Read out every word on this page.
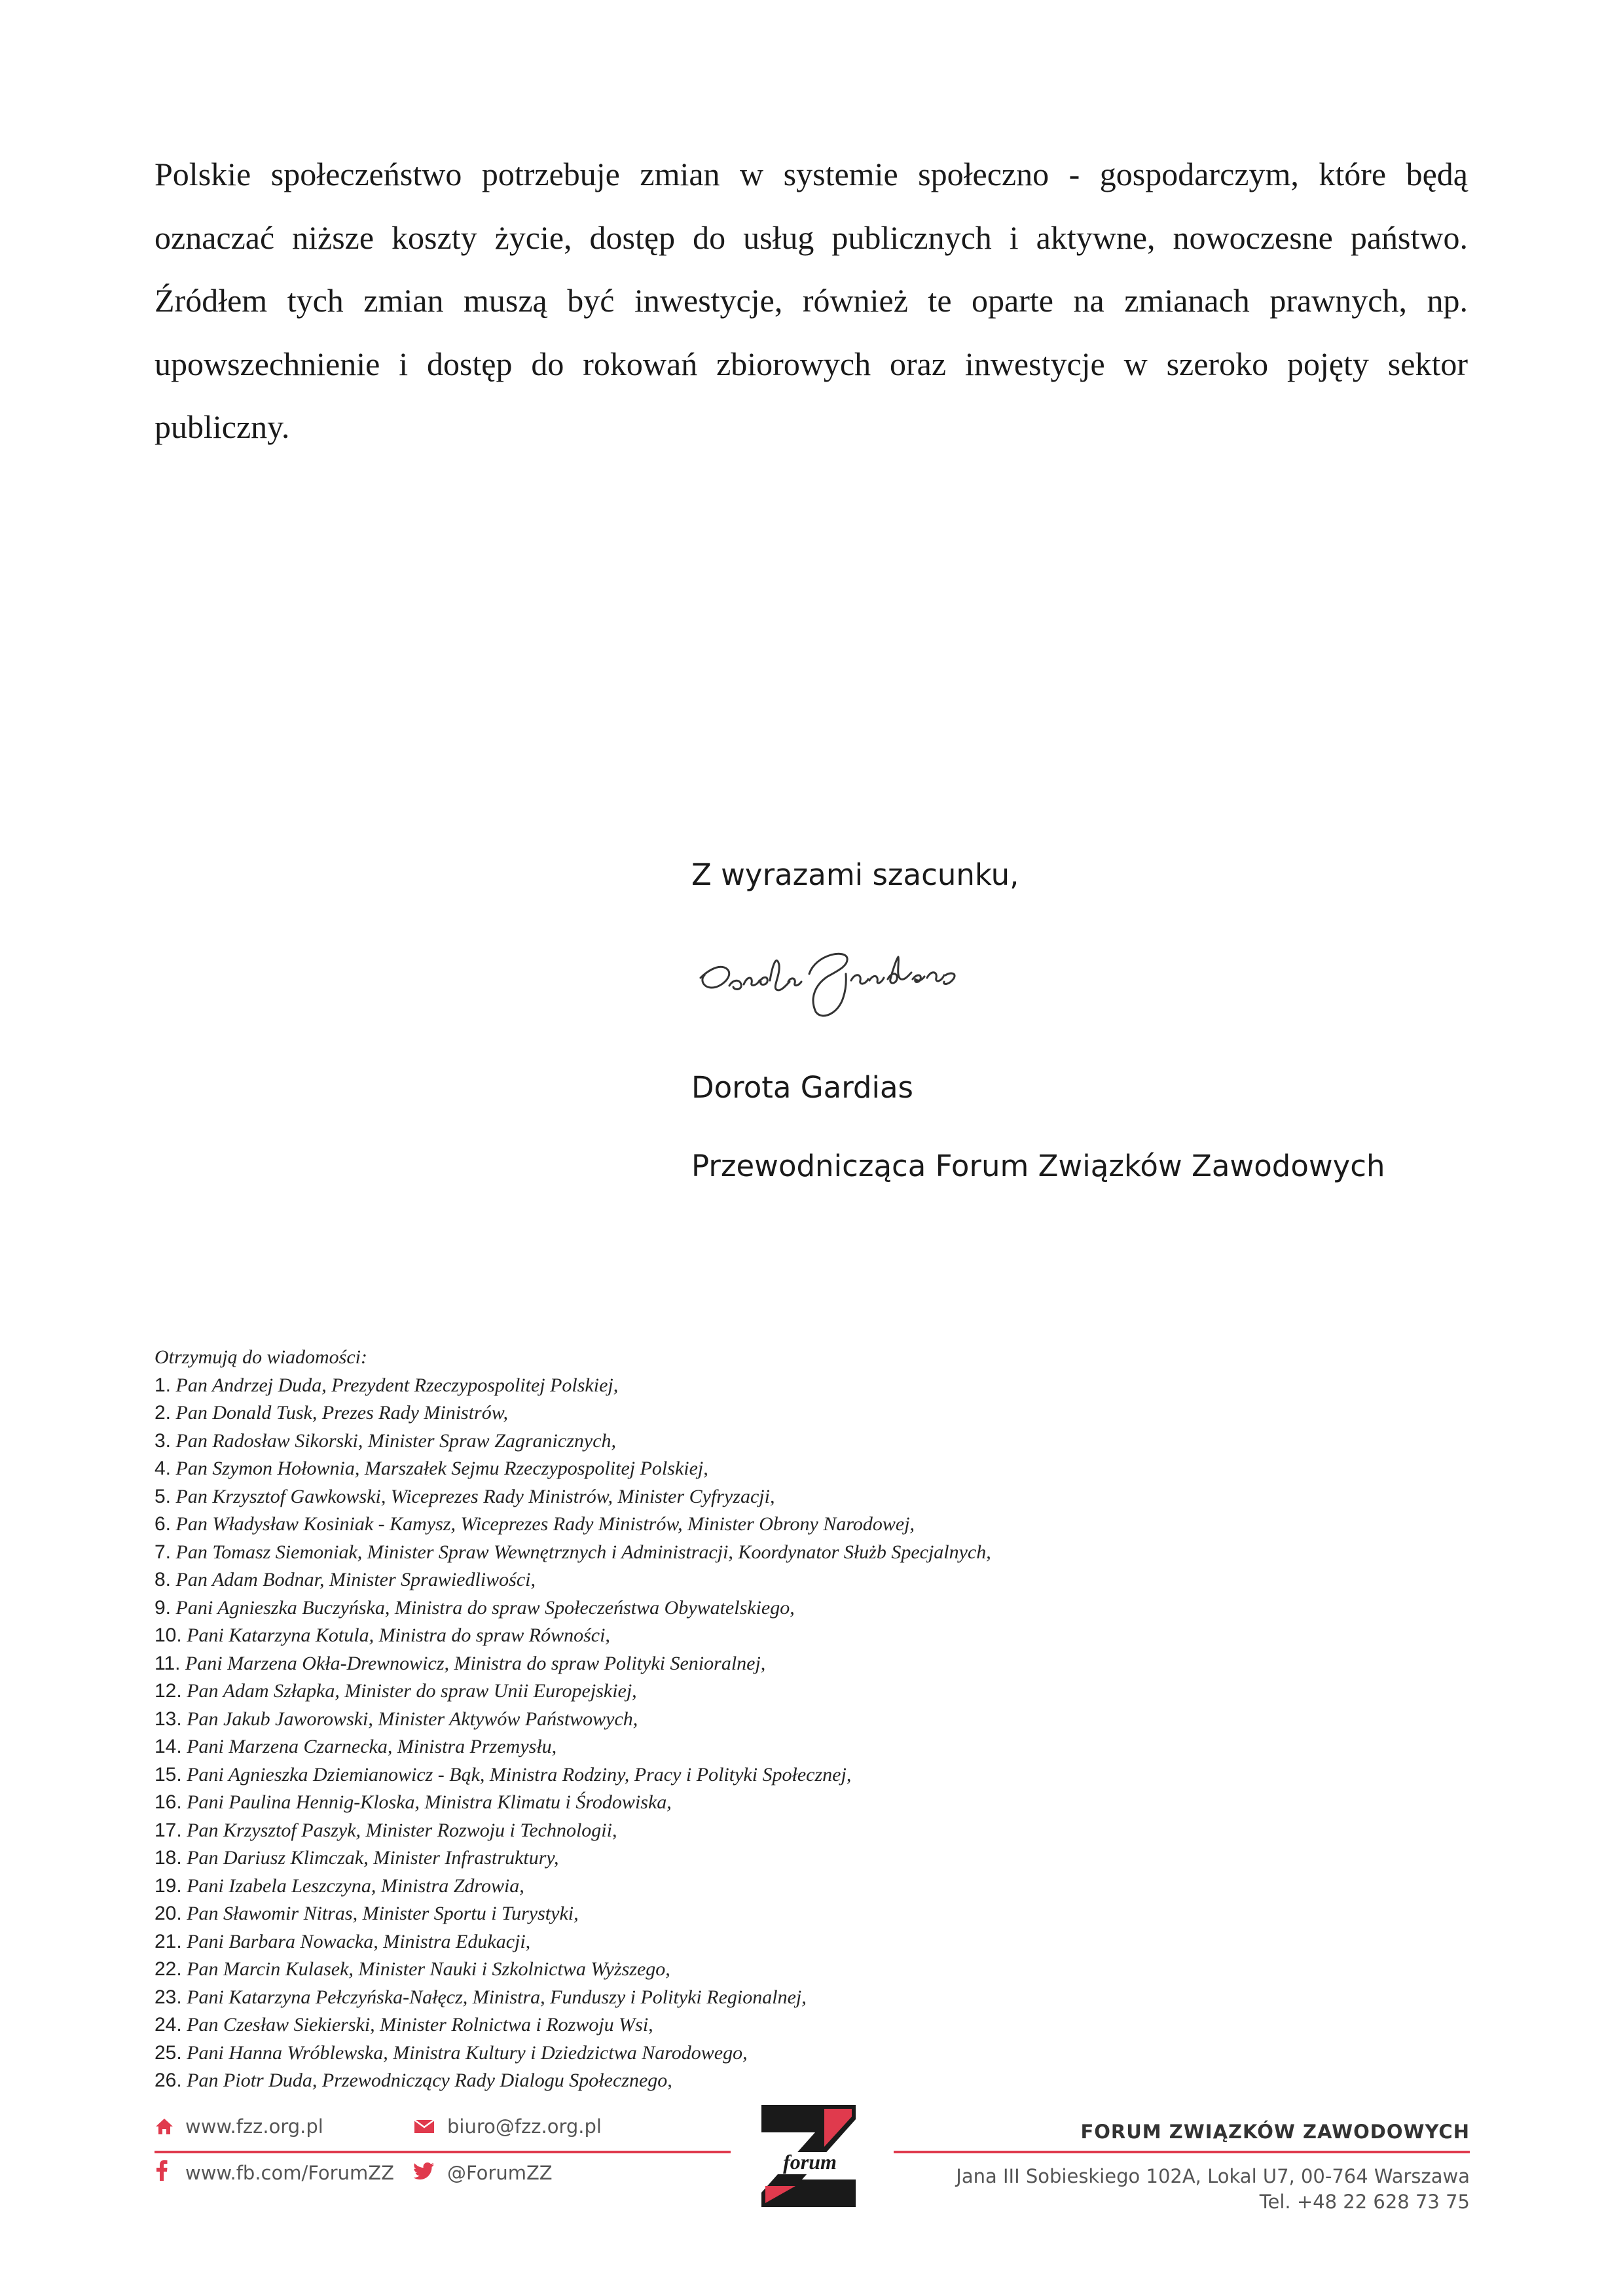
Polskie społeczeństwo potrzebuje zmian w systemie społeczno - gospodarczym, które będą oznaczać niższe koszty życie, dostęp do usług publicznych i aktywne, nowoczesne państwo. Źródłem tych zmian muszą być inwestycje, również te oparte na zmianach prawnych, np. upowszechnienie i dostęp do rokowań zbiorowych oraz inwestycje w szeroko pojęty sektor publiczny.

Z wyrazami szacunku,
Dorota Gardias
Przewodnicząca Forum Związków Zawodowych
Otrzymują do wiadomości:
1. Pan Andrzej Duda, Prezydent Rzeczypospolitej Polskiej,
2. Pan Donald Tusk, Prezes Rady Ministrów,
3. Pan Radosław Sikorski, Minister Spraw Zagranicznych,
4. Pan Szymon Hołownia, Marszałek Sejmu Rzeczypospolitej Polskiej,
5. Pan Krzysztof Gawkowski, Wiceprezes Rady Ministrów, Minister Cyfryzacji,
6. Pan Władysław Kosiniak - Kamysz, Wiceprezes Rady Ministrów, Minister Obrony Narodowej,
7. Pan Tomasz Siemoniak, Minister Spraw Wewnętrznych i Administracji, Koordynator Służb Specjalnych,
8. Pan Adam Bodnar, Minister Sprawiedliwości,
9. Pani Agnieszka Buczyńska, Ministra do spraw Społeczeństwa Obywatelskiego,
10. Pani Katarzyna Kotula, Ministra do spraw Równości,
11. Pani Marzena Okła-Drewnowicz, Ministra do spraw Polityki Senioralnej,
12. Pan Adam Szłapka, Minister do spraw Unii Europejskiej,
13. Pan Jakub Jaworowski, Minister Aktywów Państwowych,
14. Pani Marzena Czarnecka, Ministra Przemysłu,
15. Pani Agnieszka Dziemianowicz - Bąk, Ministra Rodziny, Pracy i Polityki Społecznej,
16. Pani Paulina Hennig-Kloska, Ministra Klimatu i Środowiska,
17. Pan Krzysztof Paszyk, Minister Rozwoju i Technologii,
18. Pan Dariusz Klimczak, Minister Infrastruktury,
19. Pani Izabela Leszczyna, Ministra Zdrowia,
20. Pan Sławomir Nitras, Minister Sportu i Turystyki,
21. Pani Barbara Nowacka, Ministra Edukacji,
22. Pan Marcin Kulasek, Minister Nauki i Szkolnictwa Wyższego,
23. Pani Katarzyna Pełczyńska-Nałęcz, Ministra, Funduszy i Polityki Regionalnej,
24. Pan Czesław Siekierski, Minister Rolnictwa i Rozwoju Wsi,
25. Pani Hanna Wróblewska, Ministra Kultury i Dziedzictwa Narodowego,
26. Pan Piotr Duda, Przewodniczący Rady Dialogu Społecznego,
www.fzz.org.pl	biuro@fzz.org.pl
forum
FORUM ZWIĄZKÓW ZAWODOWYCH
www.fb.com/ForumZZ	@ForumZZ	Jana III Sobieskiego 102A, Lokal U7, 00-764 Warszawa
Tel. +48 22 628 73 75
